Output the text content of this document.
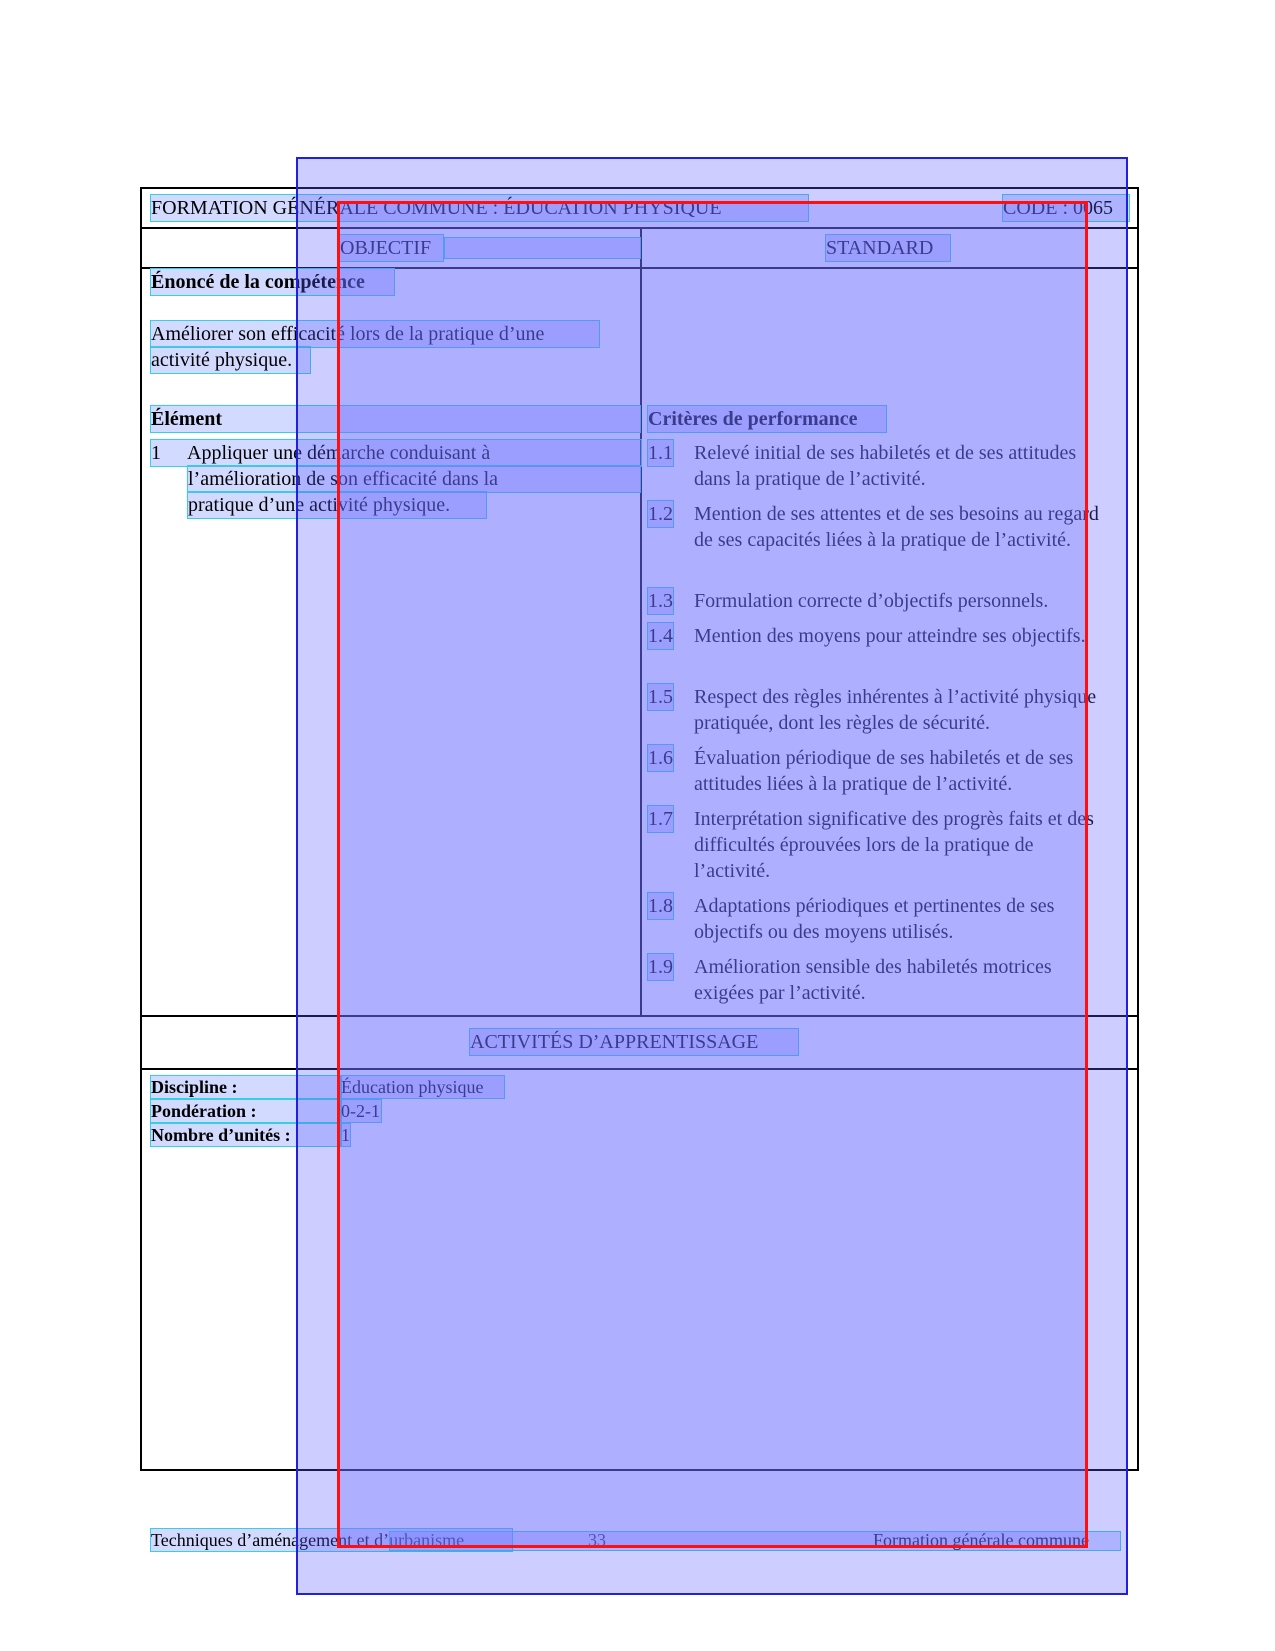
FORMATION GÉNÉRALE COMMUNE : ÉDUCATION PHYSIQUE	CODE : 0065
OBJECTIF	STANDARD
Énoncé de la compétence
Améliorer son efficacité lors de la pratique d’une
activité physique.
Élément
1	Appliquer une démarche conduisant à
l’amélioration de son efficacité dans la
pratique d’une activité physique.
Critères de performance
1.1 Relevé initial de ses habiletés et de ses attitudes dans la pratique de l’activité.
1.2 Mention de ses attentes et de ses besoins au regard de ses capacités liées à la pratique de l’activité.
1.3 Formulation correcte d’objectifs personnels.
1.4 Mention des moyens pour atteindre ses objectifs.
1.5 Respect des règles inhérentes à l’activité physique pratiquée, dont les règles de sécurité.
1.6 Évaluation périodique de ses habiletés et de ses attitudes liées à la pratique de l’activité.
1.7 Interprétation significative des progrès faits et des difficultés éprouvées lors de la pratique de l’activité.
1.8 Adaptations périodiques et pertinentes de ses objectifs ou des moyens utilisés.
1.9 Amélioration sensible des habiletés motrices exigées par l’activité.
ACTIVITÉS D’APPRENTISSAGE
Discipline :	Éducation physique
Pondération :	0-2-1
Nombre d’unités :	1
Techniques d’aménagement et d’urbanisme	33	Formation générale commune
